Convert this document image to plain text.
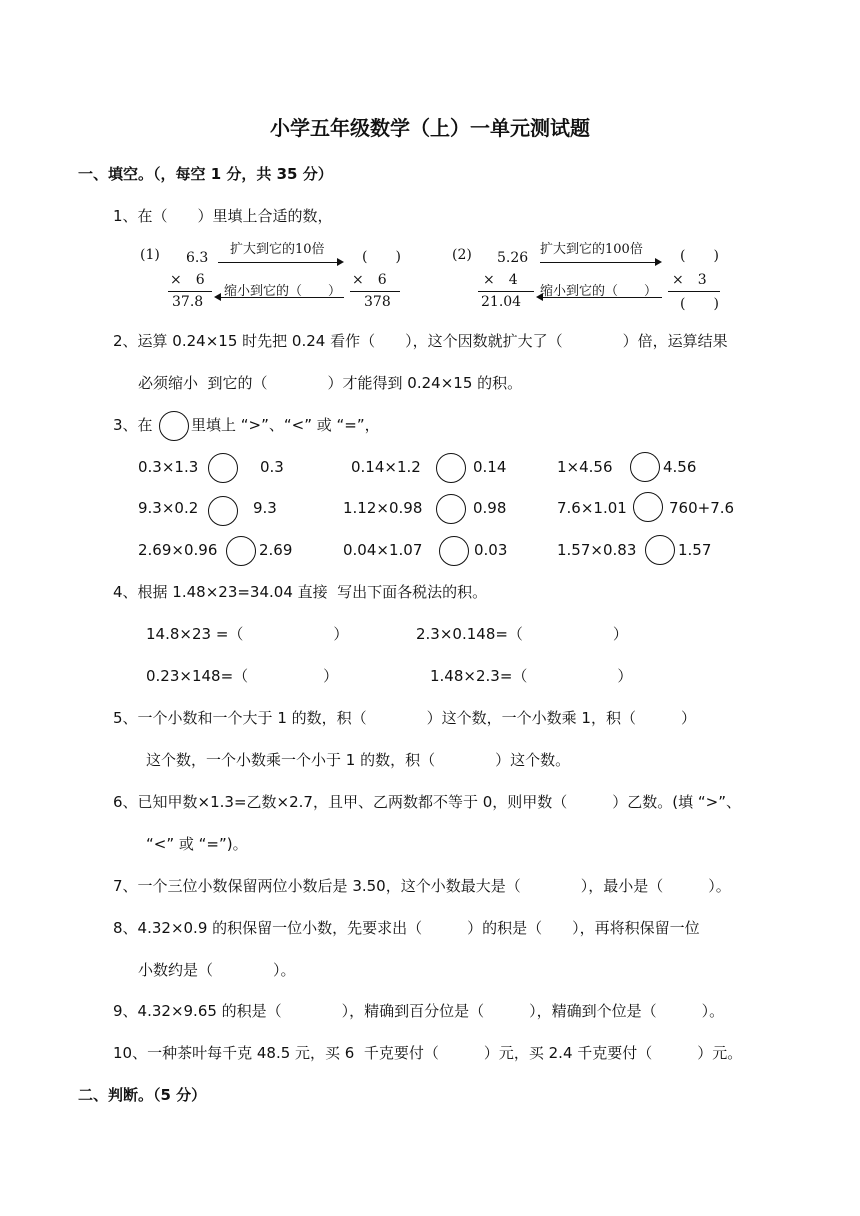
小学五年级数学（上）一单元测试题
一、填空。（，每空 1 分，共 35 分）
1、在（　　）里填上合适的数，
(1) 6.3
×　6
37.8
扩大到它的10倍
缩小到它的（　　）
(　　)
×　6
378
(2) 5.26
×　4
21.04
扩大到它的100倍
缩小到它的（　　）
(　　)
×　3
(　　)
2、运算 0.24×15 时先把 0.24 看作（　　），这个因数就扩大了（　　　　）倍，运算结果
必须缩小  到它的（　　　　）才能得到 0.24×15 的积。
3、在	里填上 “>”、“<” 或 “=”，
0.3×1.3	0.3	0.14×1.2	0.14	1×4.56	4.56
9.3×0.2	9.3	1.12×0.98	0.98	7.6×1.01	760+7.6
2.69×0.96	2.69	0.04×1.07	0.03	1.57×0.83	1.57
4、根据 1.48×23=34.04 直接  写出下面各税法的积。
14.8×23 =（　　　　　　）	2.3×0.148=（　　　　　　）
0.23×148=（　　　　　）	1.48×2.3=（　　　　　　）
5、一个小数和一个大于 1 的数，积（　　　　）这个数，一个小数乘 1，积（　　　）
这个数，一个小数乘一个小于 1 的数，积（　　　　）这个数。
6、已知甲数×1.3=乙数×2.7，且甲、乙两数都不等于 0，则甲数（　　　）乙数。(填 “>”、
“<” 或 “=”)。
7、一个三位小数保留两位小数后是 3.50，这个小数最大是（　　　　），最小是（　　　）。
8、4.32×0.9 的积保留一位小数，先要求出（　　　）的积是（　　），再将积保留一位
小数约是（　　　　）。
9、4.32×9.65 的积是（　　　　），精确到百分位是（　　　），精确到个位是（　　　）。
10、一种茶叶每千克 48.5 元，买 6  千克要付（　　　）元，买 2.4 千克要付（　　　）元。
二、判断。（5 分）
